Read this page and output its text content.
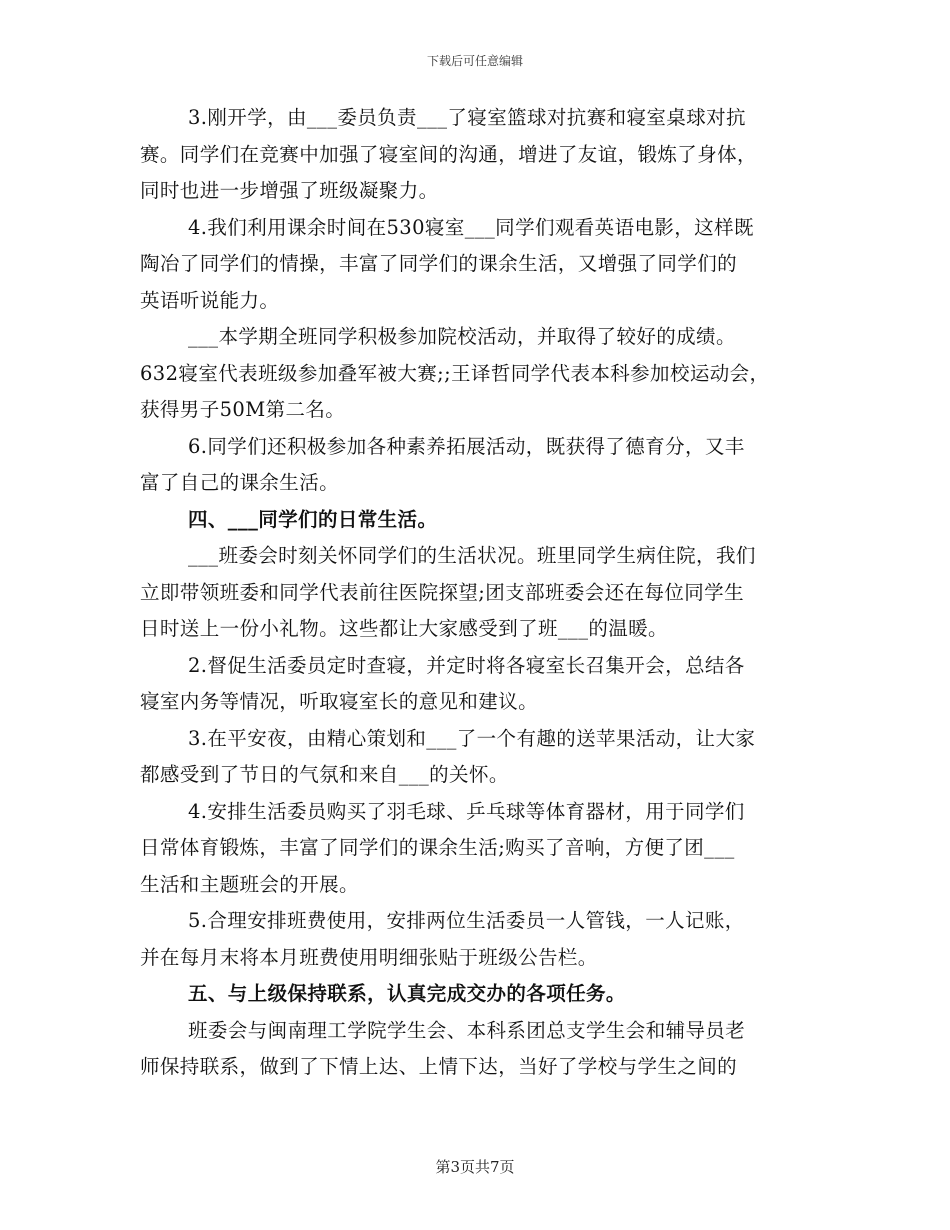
下载后可任意编辑
3.刚开学，由___委员负责___了寝室篮球对抗赛和寝室桌球对抗
赛。同学们在竞赛中加强了寝室间的沟通，增进了友谊，锻炼了身体，
同时也进一步增强了班级凝聚力。
4.我们利用课余时间在530寝室___同学们观看英语电影，这样既
陶冶了同学们的情操，丰富了同学们的课余生活，又增强了同学们的
英语听说能力。
___本学期全班同学积极参加院校活动，并取得了较好的成绩。
632寝室代表班级参加叠军被大赛;;王译哲同学代表本科参加校运动会，
获得男子50M第二名。
6.同学们还积极参加各种素养拓展活动，既获得了德育分，又丰
富了自己的课余生活。
四、___同学们的日常生活。
___班委会时刻关怀同学们的生活状况。班里同学生病住院，我们
立即带领班委和同学代表前往医院探望;团支部班委会还在每位同学生
日时送上一份小礼物。这些都让大家感受到了班___的温暖。
2.督促生活委员定时查寝，并定时将各寝室长召集开会，总结各
寝室内务等情况，听取寝室长的意见和建议。
3.在平安夜，由精心策划和___了一个有趣的送苹果活动，让大家
都感受到了节日的气氛和来自___的关怀。
4.安排生活委员购买了羽毛球、乒乓球等体育器材，用于同学们
日常体育锻炼，丰富了同学们的课余生活;购买了音响，方便了团___
生活和主题班会的开展。
5.合理安排班费使用，安排两位生活委员一人管钱，一人记账，
并在每月末将本月班费使用明细张贴于班级公告栏。
五、与上级保持联系，认真完成交办的各项任务。
班委会与闽南理工学院学生会、本科系团总支学生会和辅导员老
师保持联系，做到了下情上达、上情下达，当好了学校与学生之间的
第3页共7页
